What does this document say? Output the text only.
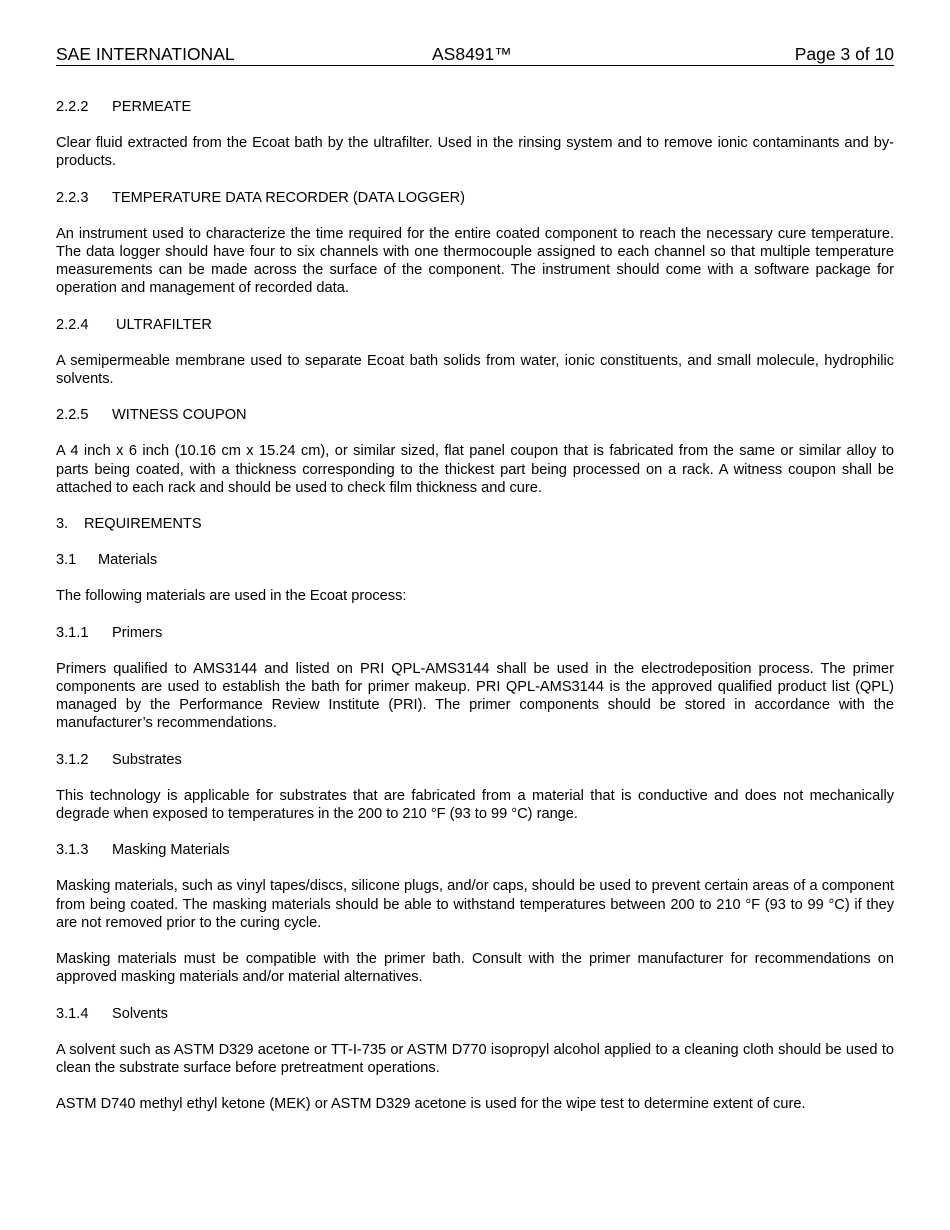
SAE INTERNATIONAL	AS8491™	Page 3 of 10
2.2.2 PERMEATE

Clear fluid extracted from the Ecoat bath by the ultrafilter. Used in the rinsing system and to remove ionic contaminants and by-products.

2.2.3 TEMPERATURE DATA RECORDER (DATA LOGGER)

An instrument used to characterize the time required for the entire coated component to reach the necessary cure temperature. The data logger should have four to six channels with one thermocouple assigned to each channel so that multiple temperature measurements can be made across the surface of the component. The instrument should come with a software package for operation and management of recorded data.

2.2.4 ULTRAFILTER

A semipermeable membrane used to separate Ecoat bath solids from water, ionic constituents, and small molecule, hydrophilic solvents.

2.2.5 WITNESS COUPON

A 4 inch x 6 inch (10.16 cm x 15.24 cm), or similar sized, flat panel coupon that is fabricated from the same or similar alloy to parts being coated, with a thickness corresponding to the thickest part being processed on a rack. A witness coupon shall be attached to each rack and should be used to check film thickness and cure.

3. REQUIREMENTS
3.1 Materials

The following materials are used in the Ecoat process:

3.1.1 Primers

Primers qualified to AMS3144 and listed on PRI QPL-AMS3144 shall be used in the electrodeposition process. The primer components are used to establish the bath for primer makeup. PRI QPL-AMS3144 is the approved qualified product list (QPL) managed by the Performance Review Institute (PRI). The primer components should be stored in accordance with the manufacturer’s recommendations.

3.1.2 Substrates

This technology is applicable for substrates that are fabricated from a material that is conductive and does not mechanically degrade when exposed to temperatures in the 200 to 210 °F (93 to 99 °C) range.

3.1.3 Masking Materials

Masking materials, such as vinyl tapes/discs, silicone plugs, and/or caps, should be used to prevent certain areas of a component from being coated. The masking materials should be able to withstand temperatures between 200 to 210 °F (93 to 99 °C) if they are not removed prior to the curing cycle.

Masking materials must be compatible with the primer bath. Consult with the primer manufacturer for recommendations on approved masking materials and/or material alternatives.

3.1.4 Solvents

A solvent such as ASTM D329 acetone or TT-I-735 or ASTM D770 isopropyl alcohol applied to a cleaning cloth should be used to clean the substrate surface before pretreatment operations.

ASTM D740 methyl ethyl ketone (MEK) or ASTM D329 acetone is used for the wipe test to determine extent of cure.
